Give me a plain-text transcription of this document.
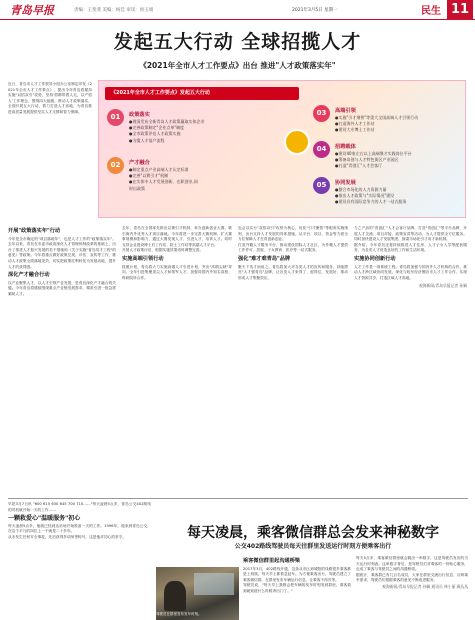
青岛早报	责编：王斐斐 美编：杨佳 审读：侯玉娟	2021年3月5日 星期一	民生 11
发起五大行动 全球招揽人才
《2021年全市人才工作要点》出台 推进"人才政策落实年"
近日，青岛市人才工作领导小组办公室制定印发《2021年全市人才工作要点》，提出今年青岛将紧扣实施"双招双引"攻势，坚持'招聘带着人走，以产招人'工作理念，围绕四大能级，推动人才政策落实，全面开展五大行动，着力打造人才高地，为青岛推进高质量发展提供坚实人才支撑和智力保障。
《2021年全市人才工作要点》发起五大行动
01	政策落实
●理清发布全新青岛人才政策赢取实体企业
●完善政策制定"企业点单"制度
●全市政策评估人才政策实施
●为揽人才落户流程
02	产才融合
●制定重点产业高端人才认定标准
●完善"以赛引才"机制
●在实体中人才发展创新、在职创业,同
时出政策
03	高端引领
●实施"引才聚智"等重大全国高端人才引领行动
●打造海外人才工作站
●建设大专博士工作站
04	招聘载体
●建设40家左右以上高端聚才实践岗位平台
●筹备岛创与人才特色街区产业园区
●打造"青创汇"人才会客厅
05	协同发展
●整合市场化的人力资源力量
●推出人才政策与"实际情况"建设
●建设具有国际竞争力的人才一站式服务
开展"政策落实年"行动
今年是全市确定的"项目落地年"，也是人才工作的"政策落实年"。去年以来，青岛在市委市政府深化人才管理体制改革的基础上，出台了推进人才振兴发展的若干措施和《关于实施"青岛英才工程"的意见》等政策。今年将重点做好政策兑现、评估、宣传等工作，推动人才政策全面落地见效，切实把政策红利转化为发展动能，提升人才的获得感。
深化产才融合行动
以产业聚集人才，以人才引领产业发展，是青岛深化产才融合的关键。今年青岛将继续围绕重点产业链发展需求，精准引进一批急需紧缺人才。
去年，青岛在全国率先推出以赛引才机制，举办创新创业大赛，吸引海内外优秀人才项目落地。今年将进一步完善大赛机制，扩大赛事规模和影响力，通过大赛发现人才、引进人才、培育人才。同时支持企业建设博士后工作站、院士工作站等高端人才平台。
开展人才政策评估，根据实施效果适时调整完善。
实施高端引领行动
按照计划，青岛将大力实施高端人才引进计划，突出"高精尖缺"导向，全年引进集聚顶尖人才和领军人才，加强同国内外知名高校、科研院所合作。
也会以实行"双招双引"攻势为核心，优化"引才聚智"等配套实施细则，出台支持人才发展的具体措施，从平台、项目、资金等方面全方位保障人才在青创新创业。
打造外籍人才服务平台，推动建设国际人才社区，为外籍人才提供工作许可、居留、子女教育、医疗等一站式服务。
强化"难才难青岛"品牌
聚天下英才而用之。青岛将加大对各类人才的宣传和服务，持续擦亮"人才强青岛"品牌，让各类人才来得了、留得住、发展好，推动形成人才集聚效应。
力之产品的"青创汇"人才会客厅品牌，打造"青创汇"等平台品牌，开展人才交流、项目对接、政策宣讲等活动，为人才提供全方位服务。同时加快建设人才发展集团，探索市场化引才用才新机制。
据介绍，今年青岛还将持续推进人才住房、人才子女入学等配套服务，为各类人才营造良好的工作和生活环境。
实施协同创新行动
人才工作是一项系统工程。青岛将加强与国内外人才机构的合作，推动人才跨区域协同发展，深化与胶东经济圈各市人才工作合作，实现人才资源共享，打造区域人才高地。
观海新闻/青岛早报记者 孙娴
早报3月7日讯 "600 615 630 645 700 715……"每天凌晨5点多，青岛公交402路线的司机就开始一天的工作……
一颗救爱心"温暖服务"初心
每天凌晨5点多，他就已经到达站场开始准备一天的工作。1996年，他来到青岛公交，在这个平凡的岗位上一干就是二十多年。
从未发生任何安全事故，先后获得多项荣誉称号，这是他对初心的坚守。	每天凌晨，乘客微信群总会发来神秘数字
公交402路线驾驶员每天往群里发送运行时刻方便乘客出行
乘客微信群里起沟通桥梁
2017年3月，402路线开通，这条从市区到城阳的线路很多乘客都是上班族，每天早上都着急赶车。为方便乘客出行，驾驶员建立了乘客微信群，在群里发布车辆运行信息，让乘客不再苦等。
驾驶员说，"每天早上我都会把车辆的发车时刻发到群里，乘客看到就知道什么时候该出门了。"
每天5点多，乘客微信群里就会跳出一串数字，这是驾驶员发出的当天运行时刻表。这串数字背后，是驾驶员们对乘客的一份贴心服务，也成了乘客与驾驶员之间的沟通桥梁。
据统计，乘客群已有几百名成员，大家在群里交流出行信息、反映乘车需求，驾驶员们根据乘客的意见不断改进服务。
观海新闻/青岛早报记者 孙娴 通讯员 林小丽 顾丛丛
驾驶员在群里发布发车时刻。
